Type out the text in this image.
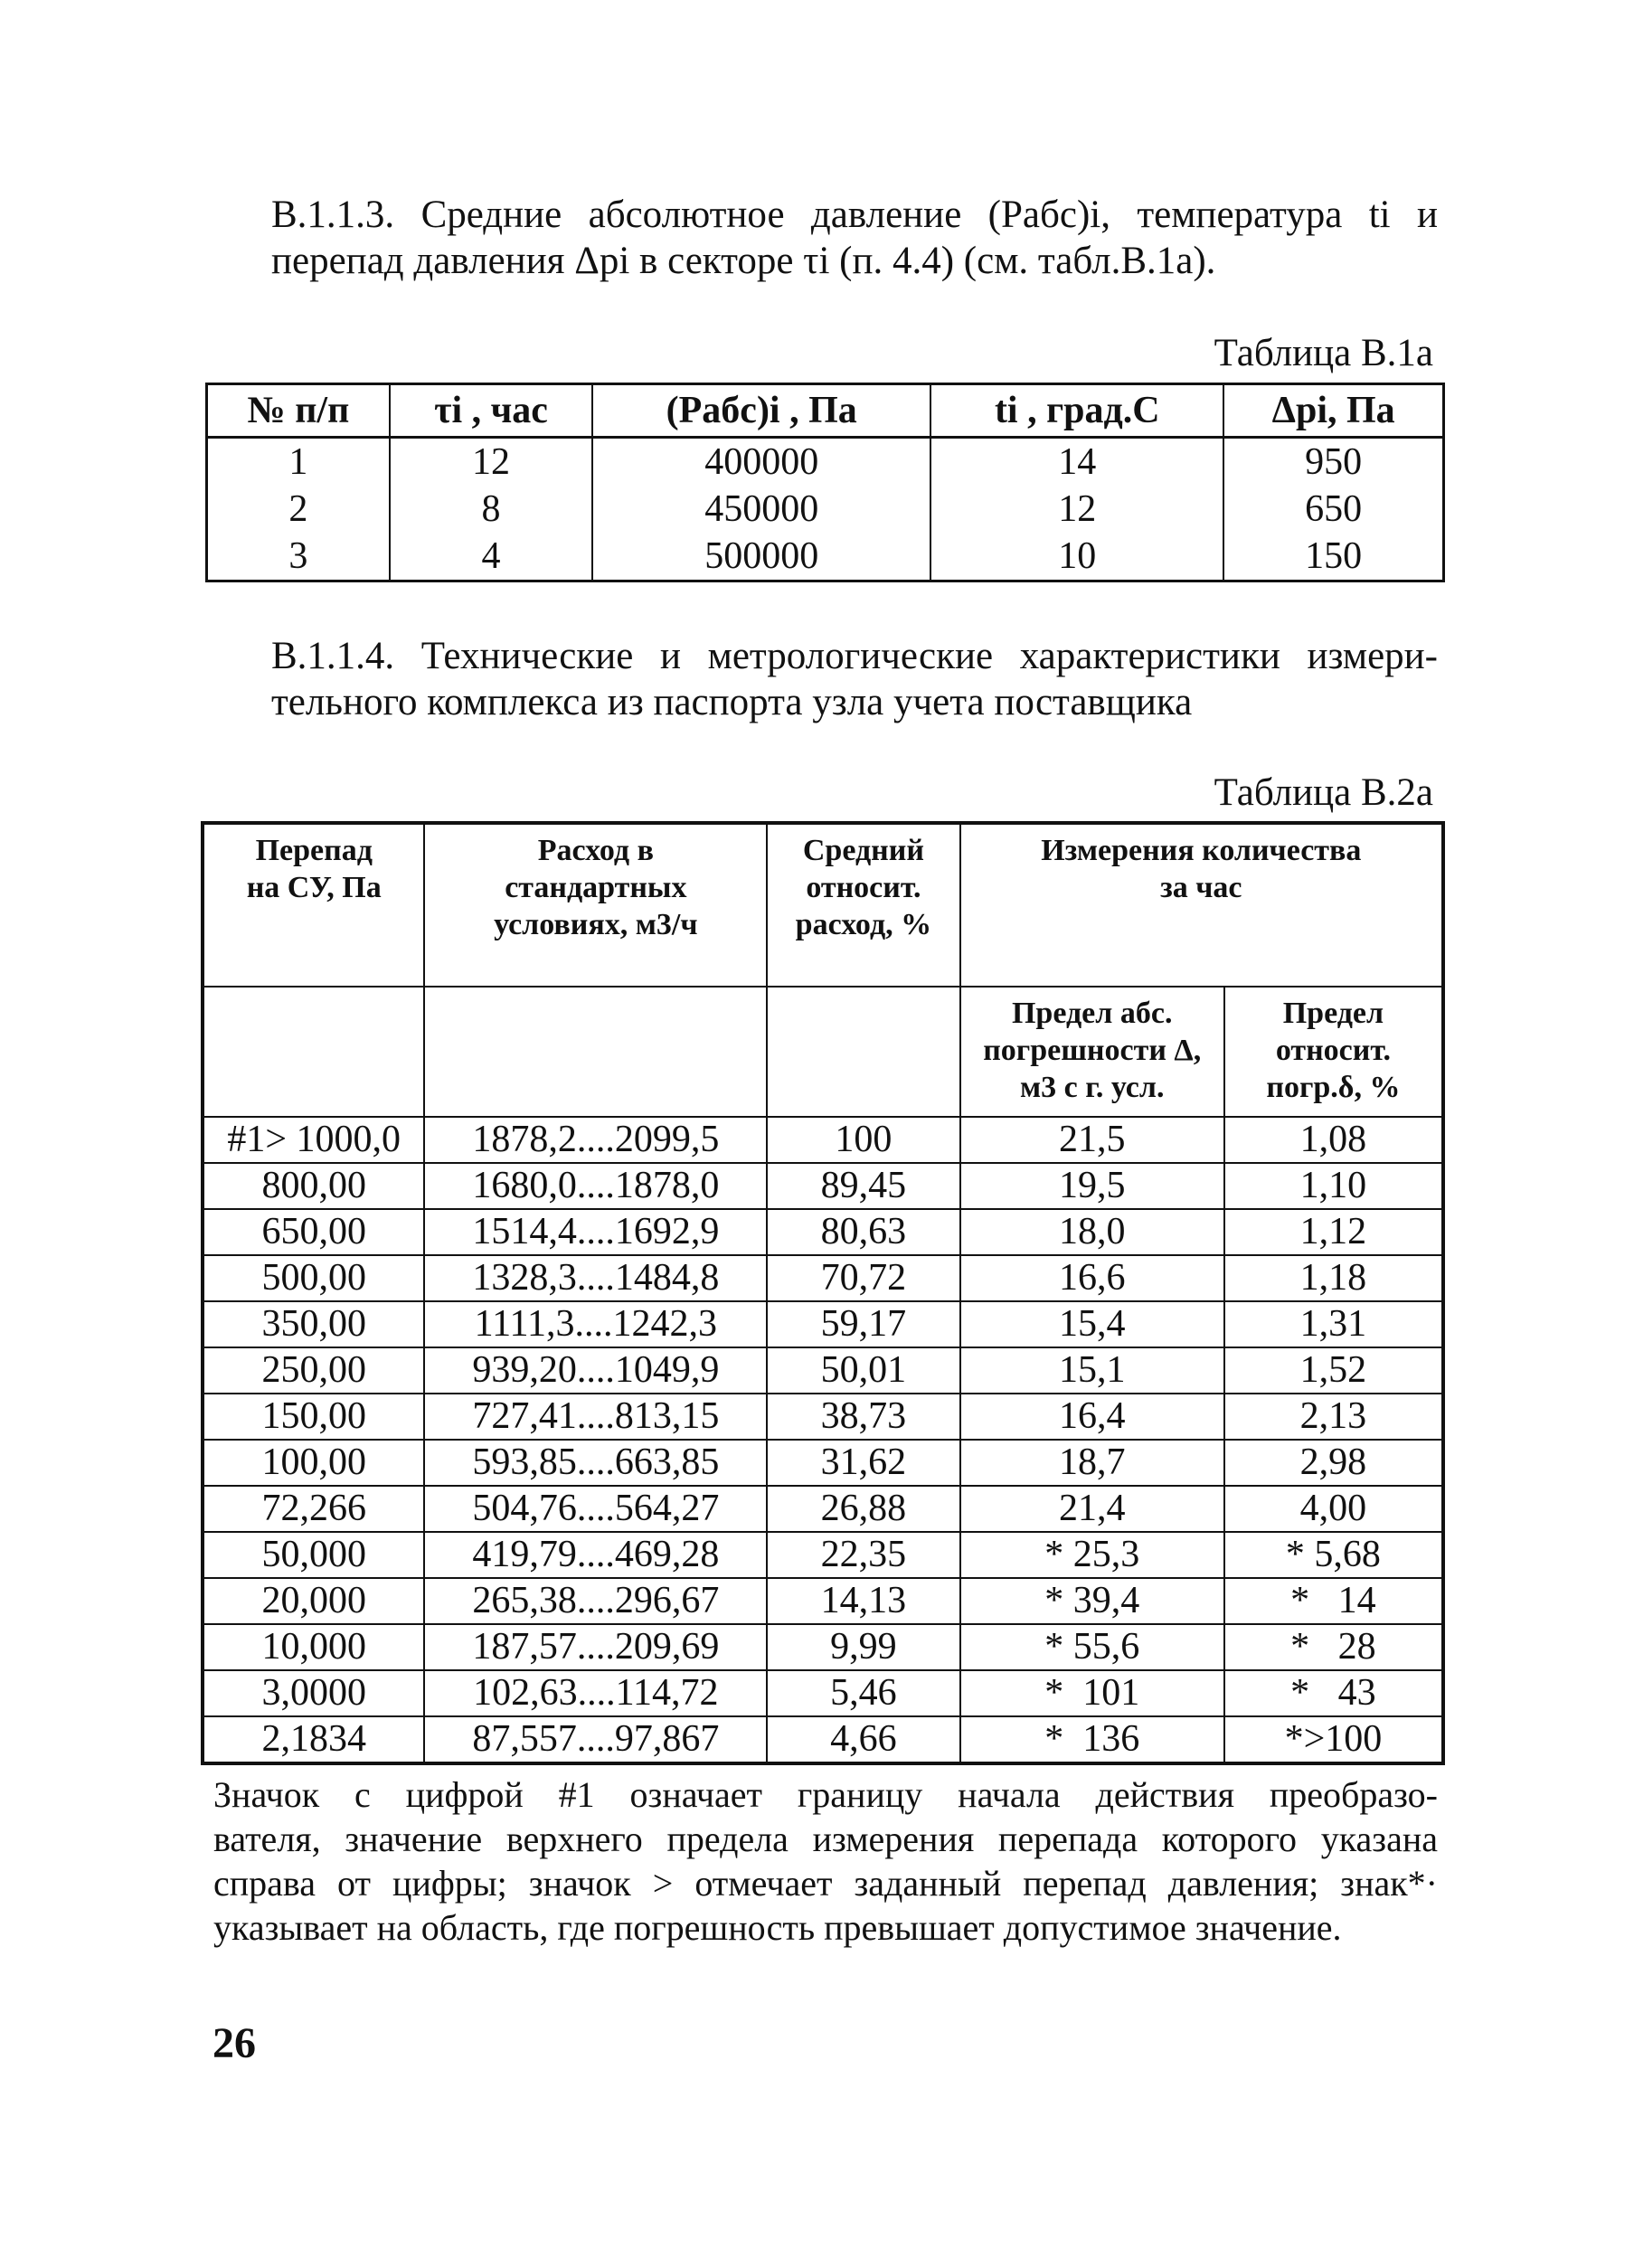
В.1.1.3. Средние абсолютное давление (Pабс)i, температура ti и
перепад давления Δpi в секторе τi (п. 4.4) (см. табл.В.1а).
Таблица В.1а
№ п/п	τi , час	(Pабс)i , Па	ti , град.С	Δpi, Па
1	12	400000	14	950
2	8	450000	12	650
3	4	500000	10	150
В.1.1.4. Технические и метрологические характеристики измери-
тельного комплекса из паспорта узла учета поставщика
Таблица В.2а
Перепад на СУ, Па	Расход в стандартных условиях, м3/ч	Средний относит. расход, %	Измерения количества за час	
			Предел абс. погрешности Δ, м3 с г. усл.	Предел относит. погр.δ, %
#1> 1000,0	1878,2....2099,5	100	21,5	1,08
800,00	1680,0....1878,0	89,45	19,5	1,10
650,00	1514,4....1692,9	80,63	18,0	1,12
500,00	1328,3....1484,8	70,72	16,6	1,18
350,00	1111,3....1242,3	59,17	15,4	1,31
250,00	939,20....1049,9	50,01	15,1	1,52
150,00	727,41....813,15	38,73	16,4	2,13
100,00	593,85....663,85	31,62	18,7	2,98
72,266	504,76....564,27	26,88	21,4	4,00
50,000	419,79....469,28	22,35	* 25,3	* 5,68
20,000	265,38....296,67	14,13	* 39,4	*   14
10,000	187,57....209,69	9,99	* 55,6	*   28
3,0000	102,63....114,72	5,46	*  101	*   43
2,1834	87,557....97,867	4,66	*  136	*>100
Значок с цифрой #1 означает границу начала действия преобразо-
вателя, значение верхнего предела измерения перепада которого указана
справа от цифры; значок > отмечает заданный перепад давления; знак*·
указывает на область, где погрешность превышает допустимое значение.
26
